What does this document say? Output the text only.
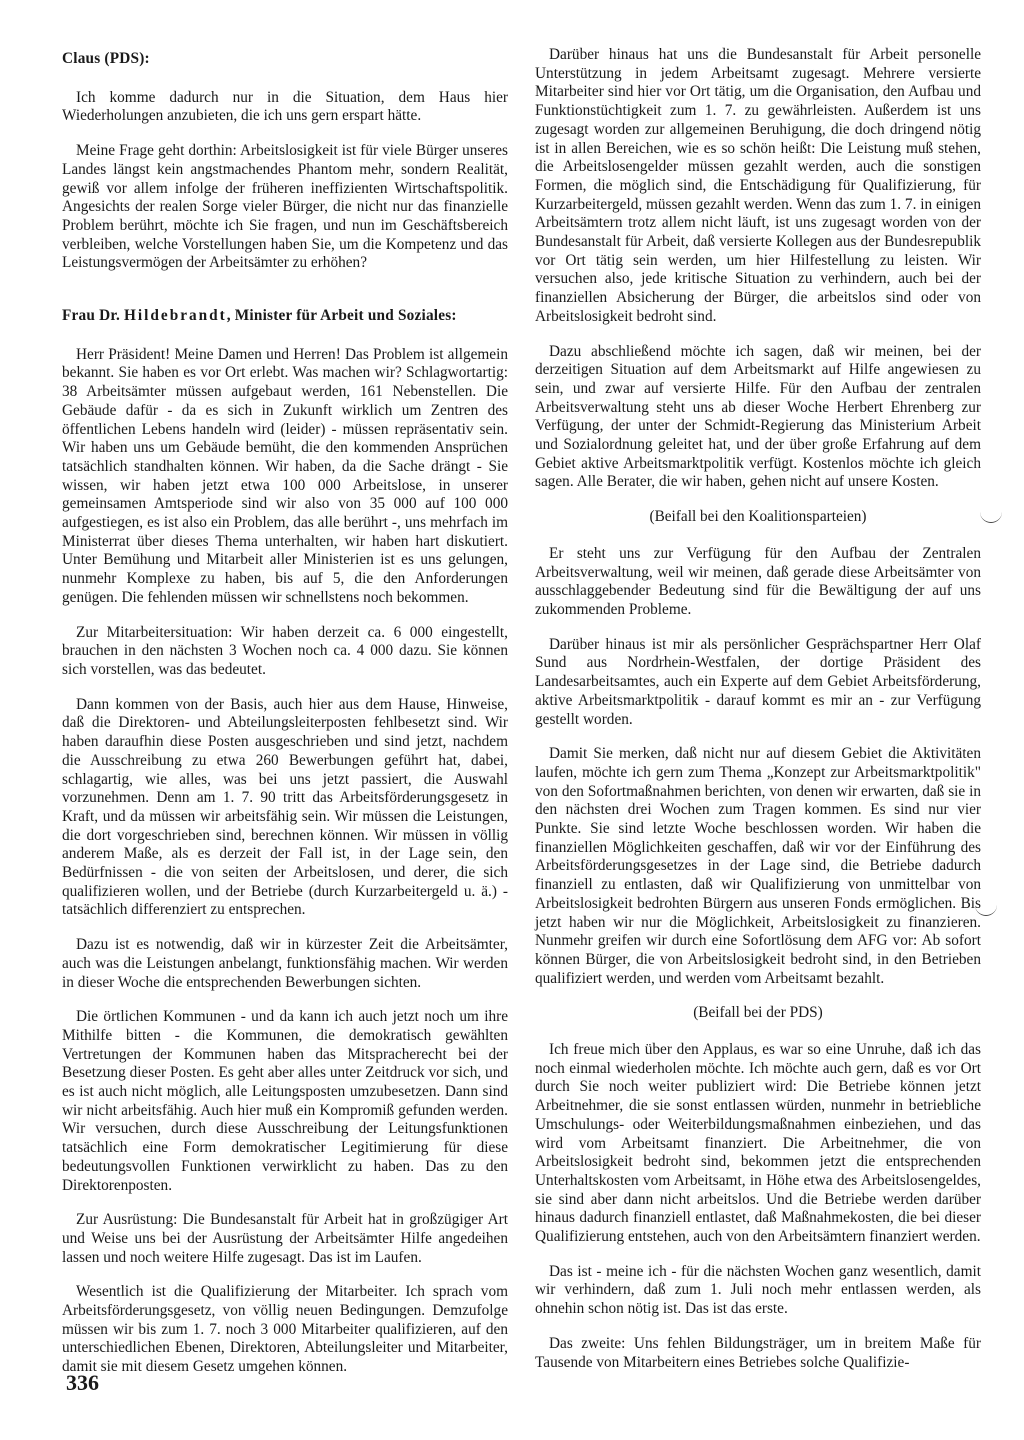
Claus (PDS):

Ich komme dadurch nur in die Situation, dem Haus hier Wiederholungen anzubieten, die ich uns gern erspart hätte.

Meine Frage geht dorthin: Arbeitslosigkeit ist für viele Bürger unseres Landes längst kein angstmachendes Phantom mehr, sondern Realität, gewiß vor allem infolge der früheren ineffizienten Wirtschaftspolitik. Angesichts der realen Sorge vieler Bürger, die nicht nur das finanzielle Problem berührt, möchte ich Sie fragen, und nun im Geschäftsbereich verbleiben, welche Vorstellungen haben Sie, um die Kompetenz und das Leistungsvermögen der Arbeitsämter zu erhöhen?

Frau Dr. Hildebrandt, Minister für Arbeit und Soziales:

Herr Präsident! Meine Damen und Herren! Das Problem ist allgemein bekannt. Sie haben es vor Ort erlebt. Was machen wir? Schlagwortartig: 38 Arbeitsämter müssen aufgebaut werden, 161 Nebenstellen. Die Gebäude dafür - da es sich in Zukunft wirklich um Zentren des öffentlichen Lebens handeln wird (leider) - müssen repräsentativ sein. Wir haben uns um Gebäude bemüht, die den kommenden Ansprüchen tatsächlich standhalten können. Wir haben, da die Sache drängt - Sie wissen, wir haben jetzt etwa 100 000 Arbeitslose, in unserer gemeinsamen Amtsperiode sind wir also von 35 000 auf 100 000 aufgestiegen, es ist also ein Problem, das alle berührt -, uns mehrfach im Ministerrat über dieses Thema unterhalten, wir haben hart diskutiert. Unter Bemühung und Mitarbeit aller Ministerien ist es uns gelungen, nunmehr Komplexe zu haben, bis auf 5, die den Anforderungen genügen. Die fehlenden müssen wir schnellstens noch bekommen.

Zur Mitarbeitersituation: Wir haben derzeit ca. 6 000 eingestellt, brauchen in den nächsten 3 Wochen noch ca. 4 000 dazu. Sie können sich vorstellen, was das bedeutet.

Dann kommen von der Basis, auch hier aus dem Hause, Hinweise, daß die Direktoren- und Abteilungsleiterposten fehlbesetzt sind. Wir haben daraufhin diese Posten ausgeschrieben und sind jetzt, nachdem die Ausschreibung zu etwa 260 Bewerbungen geführt hat, dabei, schlagartig, wie alles, was bei uns jetzt passiert, die Auswahl vorzunehmen. Denn am 1. 7. 90 tritt das Arbeitsförderungsgesetz in Kraft, und da müssen wir arbeitsfähig sein. Wir müssen die Leistungen, die dort vorgeschrieben sind, berechnen können. Wir müssen in völlig anderem Maße, als es derzeit der Fall ist, in der Lage sein, den Bedürfnissen - die von seiten der Arbeitslosen, und derer, die sich qualifizieren wollen, und der Betriebe (durch Kurzarbeitergeld u. ä.) - tatsächlich differenziert zu entsprechen.

Dazu ist es notwendig, daß wir in kürzester Zeit die Arbeitsämter, auch was die Leistungen anbelangt, funktionsfähig machen. Wir werden in dieser Woche die entsprechenden Bewerbungen sichten.

Die örtlichen Kommunen - und da kann ich auch jetzt noch um ihre Mithilfe bitten - die Kommunen, die demokratisch gewählten Vertretungen der Kommunen haben das Mitspracherecht bei der Besetzung dieser Posten. Es geht aber alles unter Zeitdruck vor sich, und es ist auch nicht möglich, alle Leitungsposten umzubesetzen. Dann sind wir nicht arbeitsfähig. Auch hier muß ein Kompromiß gefunden werden. Wir versuchen, durch diese Ausschreibung der Leitungsfunktionen tatsächlich eine Form demokratischer Legitimierung für diese bedeutungsvollen Funktionen verwirklicht zu haben. Das zu den Direktorenposten.

Zur Ausrüstung: Die Bundesanstalt für Arbeit hat in großzügiger Art und Weise uns bei der Ausrüstung der Arbeitsämter Hilfe angedeihen lassen und noch weitere Hilfe zugesagt. Das ist im Laufen.

Wesentlich ist die Qualifizierung der Mitarbeiter. Ich sprach vom Arbeitsförderungsgesetz, von völlig neuen Bedingungen. Demzufolge müssen wir bis zum 1. 7. noch 3 000 Mitarbeiter qualifizieren, auf den unterschiedlichen Ebenen, Direktoren, Abteilungsleiter und Mitarbeiter, damit sie mit diesem Gesetz umgehen können.

Darüber hinaus hat uns die Bundesanstalt für Arbeit personelle Unterstützung in jedem Arbeitsamt zugesagt. Mehrere versierte Mitarbeiter sind hier vor Ort tätig, um die Organisation, den Aufbau und Funktionstüchtigkeit zum 1. 7. zu gewährleisten. Außerdem ist uns zugesagt worden zur allgemeinen Beruhigung, die doch dringend nötig ist in allen Bereichen, wie es so schön heißt: Die Leistung muß stehen, die Arbeitslosengelder müssen gezahlt werden, auch die sonstigen Formen, die möglich sind, die Entschädigung für Qualifizierung, für Kurzarbeitergeld, müssen gezahlt werden. Wenn das zum 1. 7. in einigen Arbeitsämtern trotz allem nicht läuft, ist uns zugesagt worden von der Bundesanstalt für Arbeit, daß versierte Kollegen aus der Bundesrepublik vor Ort tätig sein werden, um hier Hilfestellung zu leisten. Wir versuchen also, jede kritische Situation zu verhindern, auch bei der finanziellen Absicherung der Bürger, die arbeitslos sind oder von Arbeitslosigkeit bedroht sind.

Dazu abschließend möchte ich sagen, daß wir meinen, bei der derzeitigen Situation auf dem Arbeitsmarkt auf Hilfe angewiesen zu sein, und zwar auf versierte Hilfe. Für den Aufbau der zentralen Arbeitsverwaltung steht uns ab dieser Woche Herbert Ehrenberg zur Verfügung, der unter der Schmidt-Regierung das Ministerium Arbeit und Sozialordnung geleitet hat, und der über große Erfahrung auf dem Gebiet aktive Arbeitsmarktpolitik verfügt. Kostenlos möchte ich gleich sagen. Alle Berater, die wir haben, gehen nicht auf unsere Kosten.

(Beifall bei den Koalitionsparteien)

Er steht uns zur Verfügung für den Aufbau der Zentralen Arbeitsverwaltung, weil wir meinen, daß gerade diese Arbeitsämter von ausschlaggebender Bedeutung sind für die Bewältigung der auf uns zukommenden Probleme.

Darüber hinaus ist mir als persönlicher Gesprächspartner Herr Olaf Sund aus Nordrhein-Westfalen, der dortige Präsident des Landesarbeitsamtes, auch ein Experte auf dem Gebiet Arbeitsförderung, aktive Arbeitsmarktpolitik - darauf kommt es mir an - zur Verfügung gestellt worden.

Damit Sie merken, daß nicht nur auf diesem Gebiet die Aktivitäten laufen, möchte ich gern zum Thema „Konzept zur Arbeitsmarktpolitik" von den Sofortmaßnahmen berichten, von denen wir erwarten, daß sie in den nächsten drei Wochen zum Tragen kommen. Es sind nur vier Punkte. Sie sind letzte Woche beschlossen worden. Wir haben die finanziellen Möglichkeiten geschaffen, daß wir vor der Einführung des Arbeitsförderungsgesetzes in der Lage sind, die Betriebe dadurch finanziell zu entlasten, daß wir Qualifizierung von unmittelbar von Arbeitslosigkeit bedrohten Bürgern aus unseren Fonds ermöglichen. Bis jetzt haben wir nur die Möglichkeit, Arbeitslosigkeit zu finanzieren. Nunmehr greifen wir durch eine Sofortlösung dem AFG vor: Ab sofort können Bürger, die von Arbeitslosigkeit bedroht sind, in den Betrieben qualifiziert werden, und werden vom Arbeitsamt bezahlt.

(Beifall bei der PDS)

Ich freue mich über den Applaus, es war so eine Unruhe, daß ich das noch einmal wiederholen möchte. Ich möchte auch gern, daß es vor Ort durch Sie noch weiter publiziert wird: Die Betriebe können jetzt Arbeitnehmer, die sie sonst entlassen würden, nunmehr in betriebliche Umschulungs- oder Weiterbildungsmaßnahmen einbeziehen, und das wird vom Arbeitsamt finanziert. Die Arbeitnehmer, die von Arbeitslosigkeit bedroht sind, bekommen jetzt die entsprechenden Unterhaltskosten vom Arbeitsamt, in Höhe etwa des Arbeitslosengeldes, sie sind aber dann nicht arbeitslos. Und die Betriebe werden darüber hinaus dadurch finanziell entlastet, daß Maßnahmekosten, die bei dieser Qualifizierung entstehen, auch von den Arbeitsämtern finanziert werden.

Das ist - meine ich - für die nächsten Wochen ganz wesentlich, damit wir verhindern, daß zum 1. Juli noch mehr entlassen werden, als ohnehin schon nötig ist. Das ist das erste.

Das zweite: Uns fehlen Bildungsträger, um in breitem Maße für Tausende von Mitarbeitern eines Betriebes solche Qualifizie-

336
